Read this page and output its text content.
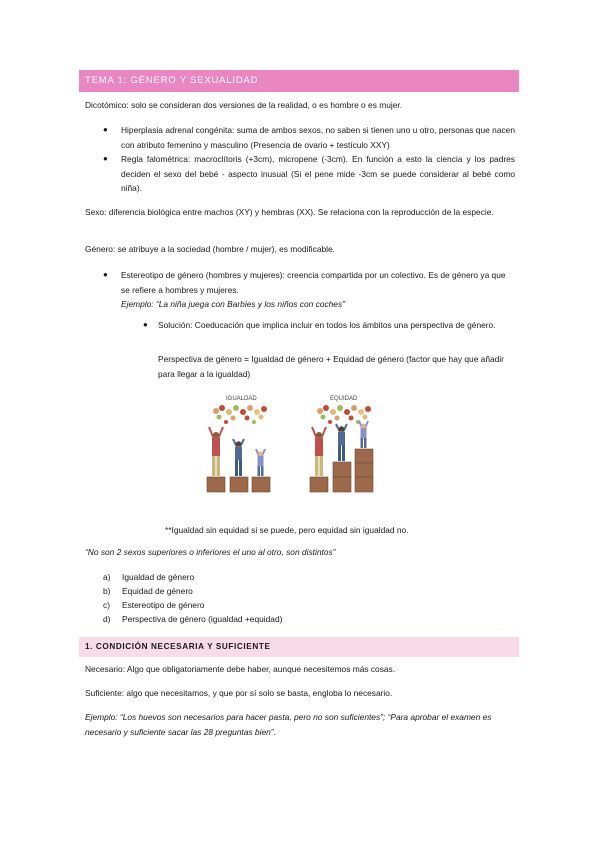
TEMA 1: GÉNERO Y SEXUALIDAD
Dicotómico: solo se consideran dos versiones de la realidad, o es hombre o es mujer.
● Hiperplasia adrenal congénita: suma de ambos sexos, no saben si tienen uno u otro, personas que nacen con atributo femenino y masculino (Presencia de ovario + testículo XXY)
● Regla falométrica: macroclítoris (+3cm), micropene (-3cm). En función a esto la ciencia y los padres deciden el sexo del bebé - aspecto inusual (Si el pene mide -3cm se puede considerar al bebé como niña).
Sexo: diferencia biológica entre machos (XY) y hembras (XX). Se relaciona con la reproducción de la especie.
Género: se atribuye a la sociedad (hombre / mujer), es modificable.
● Estereotipo de género (hombres y mujeres): creencia compartida por un colectivo. Es de género ya que se refiere a hombres y mujeres.
Ejemplo: “La niña juega con Barbies y los niños con coches”
● Solución: Coeducación que implica incluir en todos los ámbitos una perspectiva de género.
Perspectiva de género = Igualdad de género + Equidad de género (factor que hay que añadir para llegar a la igualdad)
IGUALDAD	EQUIDAD
**Igualdad sin equidad si se puede, pero equidad sin igualdad no.
“No son 2 sexos superiores o inferiores el uno al otro, son distintos”
a) Igualdad de género
b) Equidad de género
c) Estereotipo de género
d) Perspectiva de género (igualdad +equidad)
1. CONDICIÓN NECESARIA Y SUFICIENTE
Necesario: Algo que obligatoriamente debe haber, aunque necesitemos más cosas.
Suficiente: algo que necesitamos, y que por sí solo se basta, engloba lo necesario.
Ejemplo: “Los huevos son necesarios para hacer pasta, pero no son suficientes”; “Para aprobar el examen es necesario y suficiente sacar las 28 preguntas bien”.
